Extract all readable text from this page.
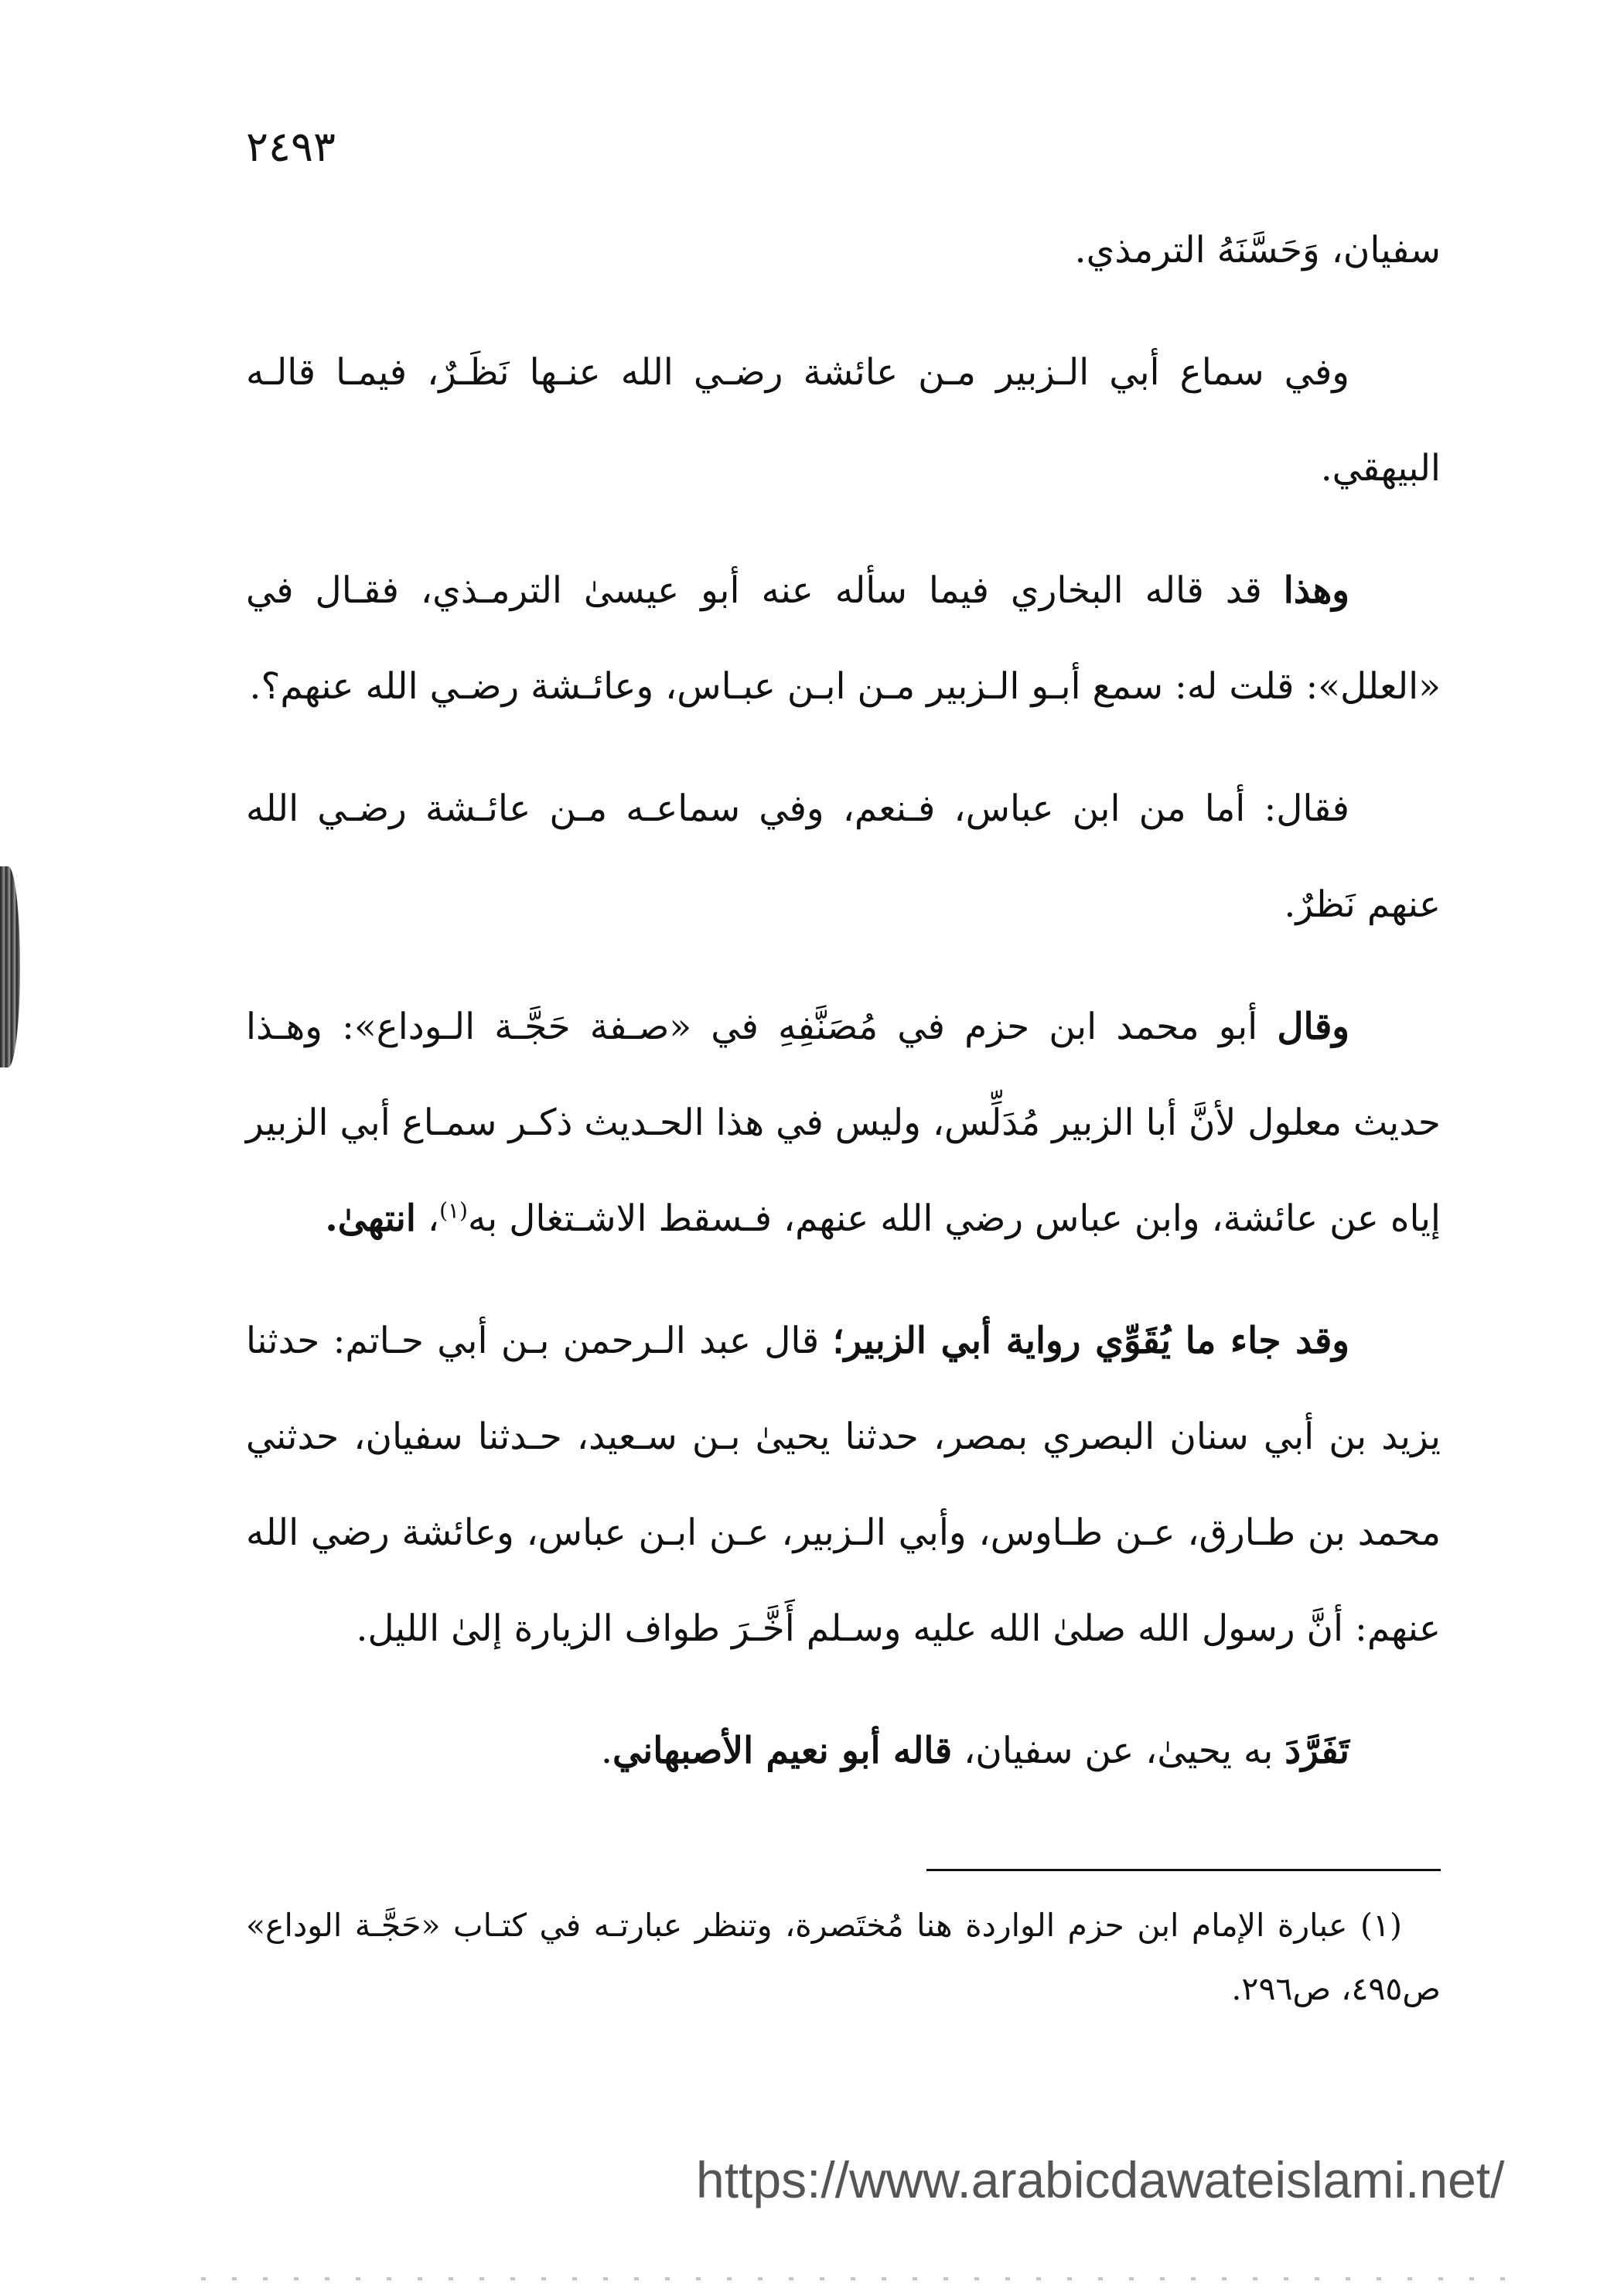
٢٤٩٣

سفيان، وَحَسَّنَهُ الترمذي.

وفي سماع أبي الـزبير مـن عائشة رضـي الله عنـها نَظَـرٌ، فيمـا قالـه البيهقي.

وهذا قد قاله البخاري فيما سأله عنه أبو عيسىٰ الترمـذي، فقـال في «العلل»: قلت له: سمع أبـو الـزبير مـن ابـن عبـاس، وعائـشة رضـي الله عنهم؟.

فقال: أما من ابن عباس، فـنعم، وفي سماعـه مـن عائـشة رضـي الله عنهم نَظرٌ.

وقال أبو محمد ابن حزم في مُصَنَّفِهِ في «صـفة حَجَّـة الـوداع»: وهـذا حديث معلول لأنَّ أبا الزبير مُدَلِّس، وليس في هذا الحـديث ذكـر سمـاع أبي الزبير إياه عن عائشة، وابن عباس رضي الله عنهم، فـسقط الاشـتغال به$^{(١)}$، انتهىٰ.

وقد جاء ما يُقَوِّي رواية أبي الزبير؛ قال عبد الـرحمن بـن أبي حـاتم: حدثنا يزيد بن أبي سنان البصري بمصر، حدثنا يحيىٰ بـن سـعيد، حـدثنا سفيان، حدثني محمد بن طـارق، عـن طـاوس، وأبي الـزبير، عـن ابـن عباس، وعائشة رضي الله عنهم: أنَّ رسول الله صلىٰ الله عليه وسـلم أَخَّـرَ طواف الزيارة إلىٰ الليل.

تَفَرَّدَ به يحيىٰ، عن سفيان، قاله أبو نعيم الأصبهاني.

(١) عبارة الإمام ابن حزم الواردة هنا مُختَصرة، وتنظر عبارتـه في كتـاب «حَجَّـة الوداع» ص٤٩٥، ص٢٩٦.

https://www.arabicdawateislami.net/
